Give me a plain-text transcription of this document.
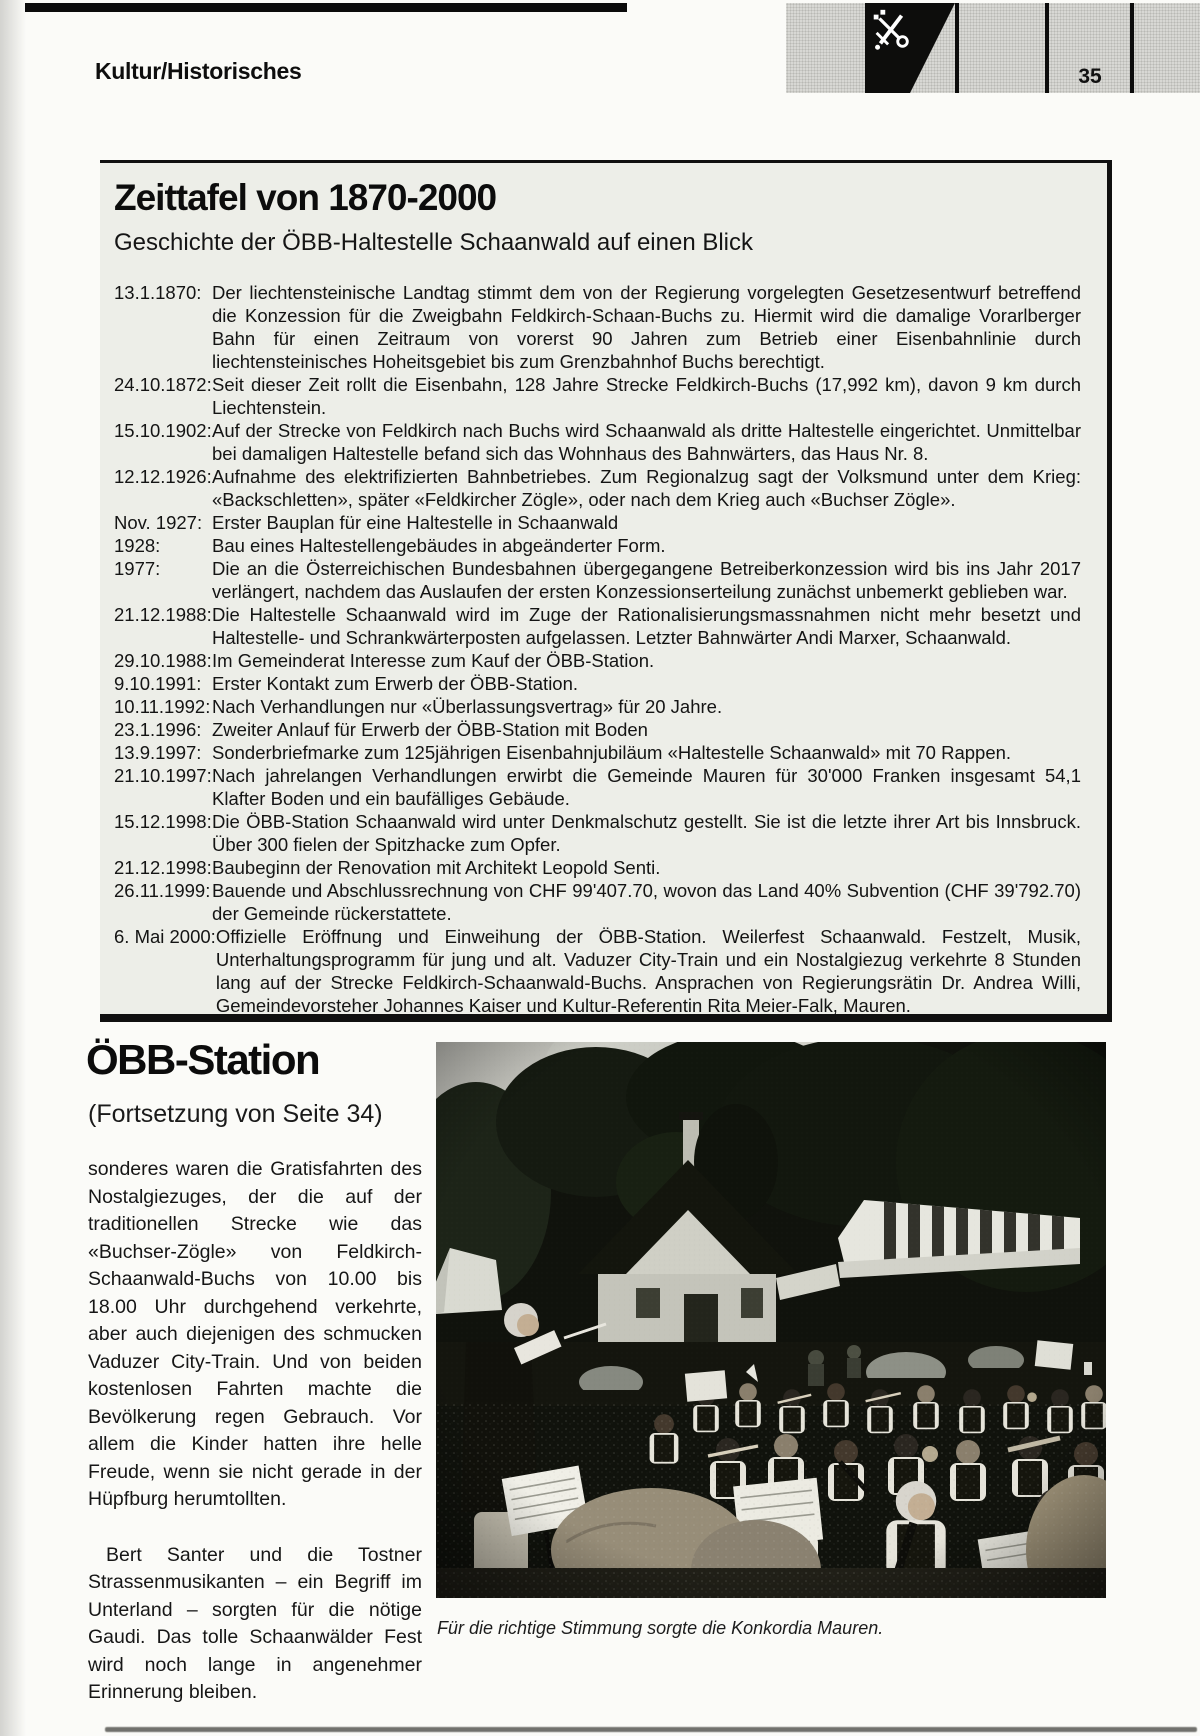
35
Kultur/Historisches
Zeittafel von 1870-2000
Geschichte der ÖBB-Haltestelle Schaanwald auf einen Blick
13.1.1870: Der liechtensteinische Landtag stimmt dem von der Regierung vorgelegten Gesetzesentwurf betreffend die Konzession für die Zweigbahn Feldkirch-Schaan-Buchs zu. Hiermit wird die damalige Vorarlberger Bahn für einen Zeitraum von vorerst 90 Jahren zum Betrieb einer Eisenbahnlinie durch liechtensteinisches Hoheitsgebiet bis zum Grenzbahnhof Buchs berechtigt.
24.10.1872: Seit dieser Zeit rollt die Eisenbahn, 128 Jahre Strecke Feldkirch-Buchs (17,992 km), davon 9 km durch Liechtenstein.
15.10.1902: Auf der Strecke von Feldkirch nach Buchs wird Schaanwald als dritte Haltestelle eingerichtet. Unmittelbar bei damaligen Haltestelle befand sich das Wohnhaus des Bahnwärters, das Haus Nr. 8.
12.12.1926: Aufnahme des elektrifizierten Bahnbetriebes. Zum Regionalzug sagt der Volksmund unter dem Krieg: «Backschletten», später «Feldkircher Zögle», oder nach dem Krieg auch «Buchser Zögle».
Nov. 1927: Erster Bauplan für eine Haltestelle in Schaanwald
1928:	Bau eines Haltestellengebäudes in abgeänderter Form.
1977:	Die an die Österreichischen Bundesbahnen übergegangene Betreiberkonzession wird bis ins Jahr 2017 verlängert, nachdem das Auslaufen der ersten Konzessionserteilung zunächst unbemerkt geblieben war.
21.12.1988: Die Haltestelle Schaanwald wird im Zuge der Rationalisierungsmassnahmen nicht mehr besetzt und Haltestelle- und Schrankwärterposten aufgelassen. Letzter Bahnwärter Andi Marxer, Schaanwald.
29.10.1988: Im Gemeinderat Interesse zum Kauf der ÖBB-Station.
9.10.1991: Erster Kontakt zum Erwerb der ÖBB-Station.
10.11.1992: Nach Verhandlungen nur «Überlassungsvertrag» für 20 Jahre.
23.1.1996: Zweiter Anlauf für Erwerb der ÖBB-Station mit Boden
13.9.1997: Sonderbriefmarke zum 125jährigen Eisenbahnjubiläum «Haltestelle Schaanwald» mit 70 Rappen.
21.10.1997: Nach jahrelangen Verhandlungen erwirbt die Gemeinde Mauren für 30'000 Franken insgesamt 54,1 Klafter Boden und ein baufälliges Gebäude.
15.12.1998: Die ÖBB-Station Schaanwald wird unter Denkmalschutz gestellt. Sie ist die letzte ihrer Art bis Innsbruck. Über 300 fielen der Spitzhacke zum Opfer.
21.12.1998: Baubeginn der Renovation mit Architekt Leopold Senti.
26.11.1999: Bauende und Abschlussrechnung von CHF 99'407.70, wovon das Land 40% Subvention (CHF 39'792.70) der Gemeinde rückerstattete.
6. Mai 2000: Offizielle Eröffnung und Einweihung der ÖBB-Station. Weilerfest Schaanwald. Festzelt, Musik, Unterhaltungsprogramm für jung und alt. Vaduzer City-Train und ein Nostalgiezug verkehrte 8 Stunden lang auf der Strecke Feldkirch-Schaanwald-Buchs. Ansprachen von Regierungsrätin Dr. Andrea Willi, Gemeindevorsteher Johannes Kaiser und Kultur-Referentin Rita Meier-Falk, Mauren.
ÖBB-Station
(Fortsetzung von Seite 34)

sonderes waren die Gratisfahrten des Nostalgiezuges, der die auf der traditionellen Strecke wie das «Buchser-Zögle» von Feldkirch-Schaanwald-Buchs von 10.00 bis 18.00 Uhr durchgehend verkehrte, aber auch diejenigen des schmucken Vaduzer City-Train. Und von beiden kostenlosen Fahrten machte die Bevölkerung regen Gebrauch. Vor allem die Kinder hatten ihre helle Freude, wenn sie nicht gerade in der Hüpfburg herumtollten.

Bert Santer und die Tostner Strassenmusikanten – ein Begriff im Unterland – sorgten für die nötige Gaudi. Das tolle Schaanwälder Fest wird noch lange in angenehmer Erinnerung bleiben.

Für die richtige Stimmung sorgte die Konkordia Mauren.
